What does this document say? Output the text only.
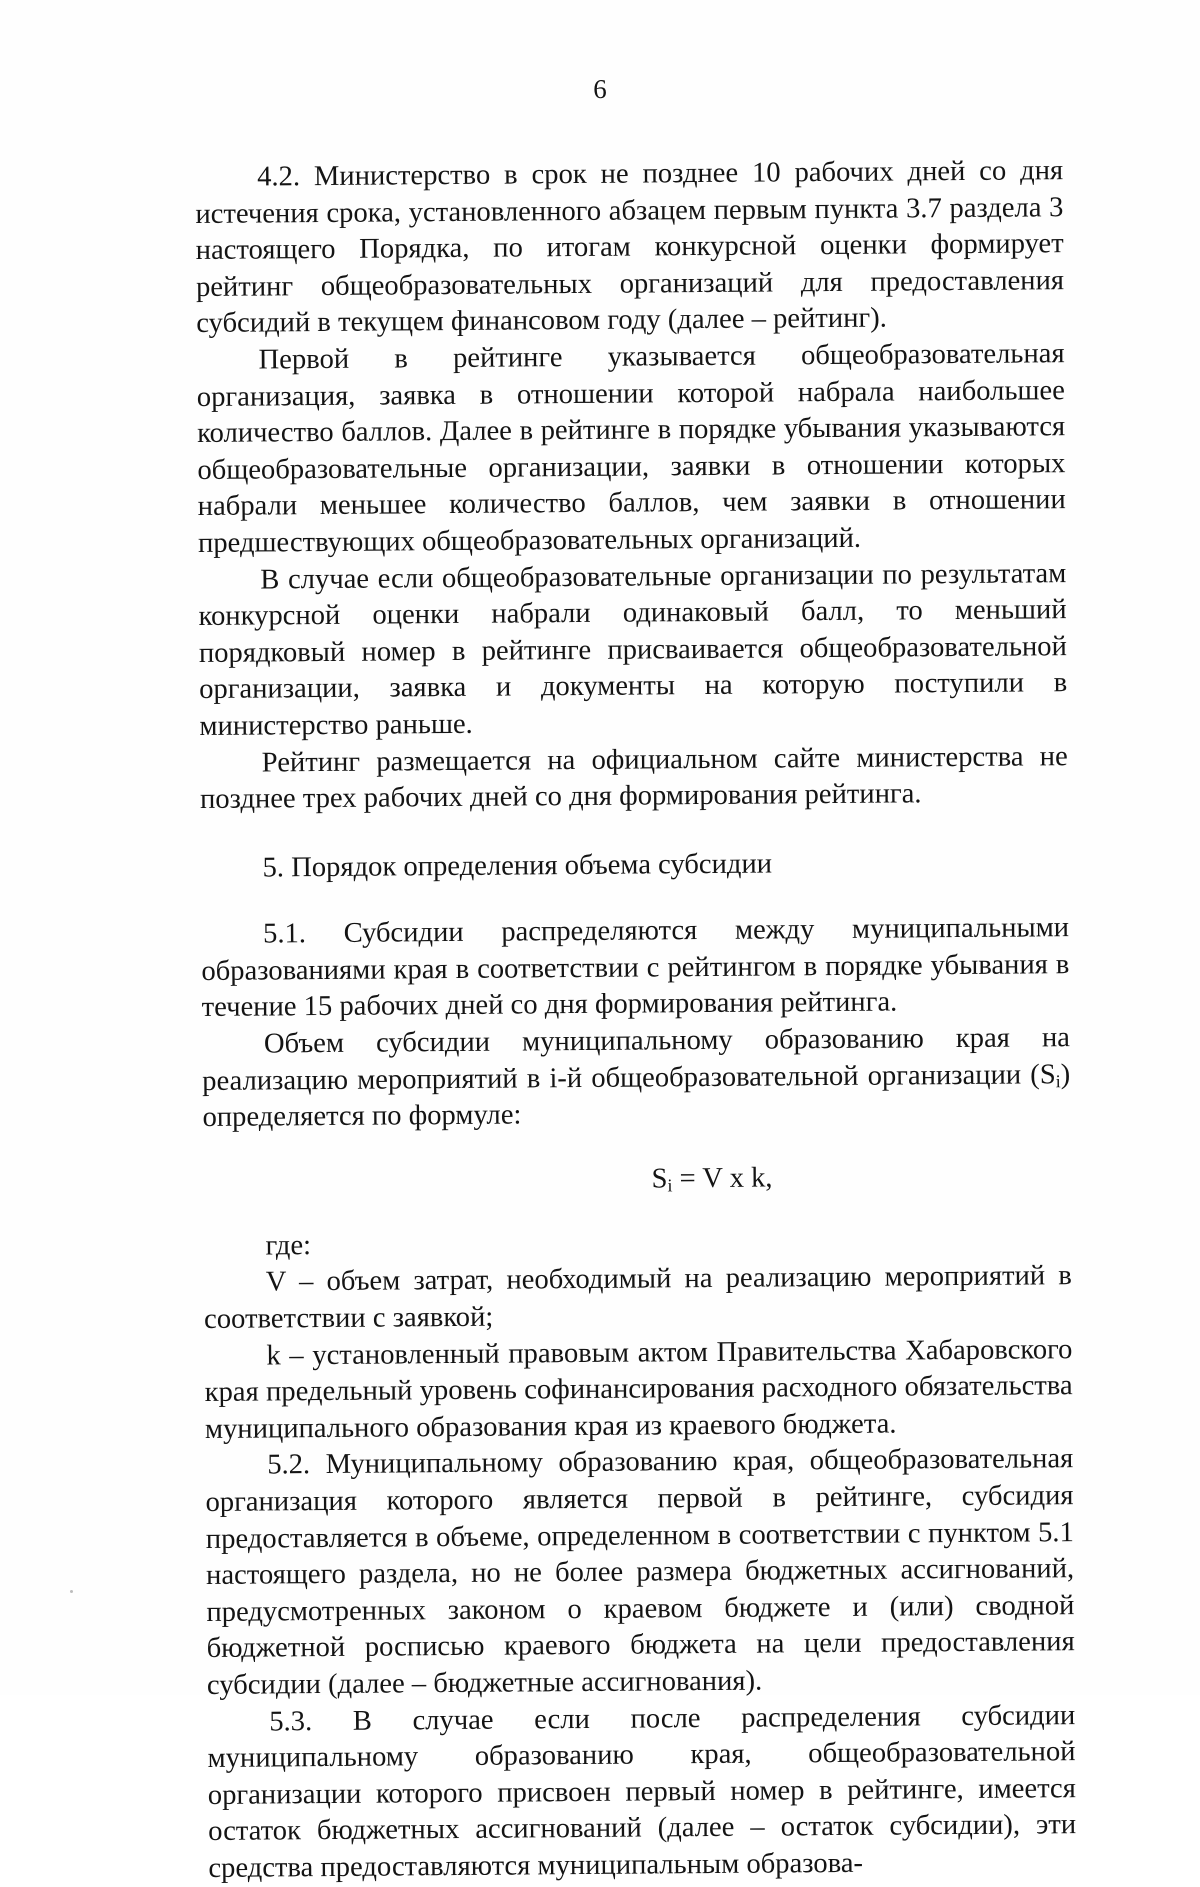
6

4.2. Министерство в срок не позднее 10 рабочих дней со дня истечения срока, установленного абзацем первым пункта 3.7 раздела 3 настоящего Порядка, по итогам конкурсной оценки формирует рейтинг общеобразовательных организаций для предоставления субсидий в текущем финансовом году (далее – рейтинг).

Первой в рейтинге указывается общеобразовательная организация, заявка в отношении которой набрала наибольшее количество баллов. Далее в рейтинге в порядке убывания указываются общеобразовательные организации, заявки в отношении которых набрали меньшее количество баллов, чем заявки в отношении предшествующих общеобразовательных организаций.

В случае если общеобразовательные организации по результатам конкурсной оценки набрали одинаковый балл, то меньший порядковый номер в рейтинге присваивается общеобразовательной организации, заявка и документы на которую поступили в министерство раньше.

Рейтинг размещается на официальном сайте министерства не позднее трех рабочих дней со дня формирования рейтинга.

5. Порядок определения объема субсидии

5.1. Субсидии распределяются между муниципальными образованиями края в соответствии с рейтингом в порядке убывания в течение 15 рабочих дней со дня формирования рейтинга.

Объем субсидии муниципальному образованию края на реализацию мероприятий в i-й общеобразовательной организации (Si) определяется по формуле:

$S_i = V$ x k,

где:

V – объем затрат, необходимый на реализацию мероприятий в соответствии с заявкой;

k – установленный правовым актом Правительства Хабаровского края предельный уровень софинансирования расходного обязательства муниципального образования края из краевого бюджета.

5.2. Муниципальному образованию края, общеобразовательная организация которого является первой в рейтинге, субсидия предоставляется в объеме, определенном в соответствии с пунктом 5.1 настоящего раздела, но не более размера бюджетных ассигнований, предусмотренных законом о краевом бюджете и (или) сводной бюджетной росписью краевого бюджета на цели предоставления субсидии (далее – бюджетные ассигнования).

5.3. В случае если после распределения субсидии муниципальному образованию края, общеобразовательной организации которого присвоен первый номер в рейтинге, имеется остаток бюджетных ассигнований (далее – остаток субсидии), эти средства предоставляются муниципальным образова-
